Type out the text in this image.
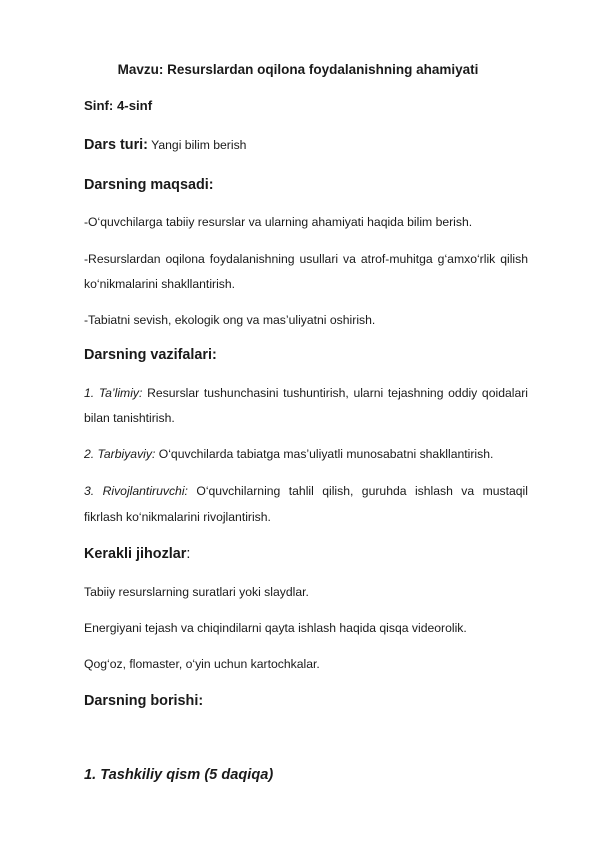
Mavzu: Resurslardan oqilona foydalanishning ahamiyati
Sinf: 4-sinf
Dars turi: Yangi bilim berish
Darsning maqsadi:
-O‘quvchilarga tabiiy resurslar va ularning ahamiyati haqida bilim berish.
-Resurslardan oqilona foydalanishning usullari va atrof-muhitga g‘amxo‘rlik qilish
ko‘nikmalarini shakllantirish.
-Tabiatni sevish, ekologik ong va mas’uliyatni oshirish.
Darsning vazifalari:
1. Ta’limiy: Resurslar tushunchasini tushuntirish, ularni tejashning oddiy qoidalari
bilan tanishtirish.
2. Tarbiyaviy: O‘quvchilarda tabiatga mas’uliyatli munosabatni shakllantirish.
3. Rivojlantiruvchi: O‘quvchilarning tahlil qilish, guruhda ishlash va mustaqil
fikrlash ko‘nikmalarini rivojlantirish.
Kerakli jihozlar:
Tabiiy resurslarning suratlari yoki slaydlar.
Energiyani tejash va chiqindilarni qayta ishlash haqida qisqa videorolik.
Qog‘oz, flomaster, o‘yin uchun kartochkalar.
Darsning borishi:
1. Tashkiliy qism (5 daqiqa)
